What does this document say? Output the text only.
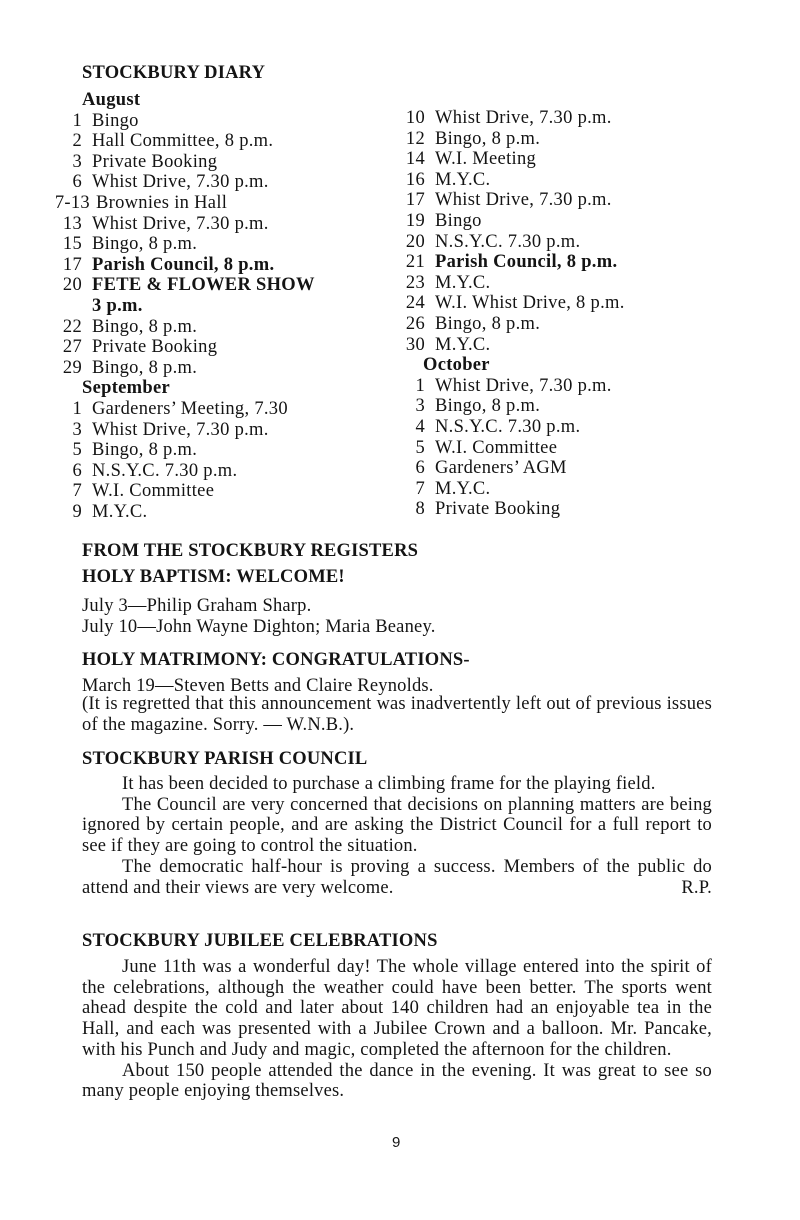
STOCKBURY DIARY
August
1 Bingo
2 Hall Committee, 8 p.m.
3 Private Booking
6 Whist Drive, 7.30 p.m.
7-13 Brownies in Hall
13 Whist Drive, 7.30 p.m.
15 Bingo, 8 p.m.
17 Parish Council, 8 p.m.
20 FETE & FLOWER SHOW
3 p.m.
22 Bingo, 8 p.m.
27 Private Booking
29 Bingo, 8 p.m.
September
1 Gardeners’ Meeting, 7.30
3 Whist Drive, 7.30 p.m.
5 Bingo, 8 p.m.
6 N.S.Y.C. 7.30 p.m.
7 W.I. Committee
9 M.Y.C.
10 Whist Drive, 7.30 p.m.
12 Bingo, 8 p.m.
14 W.I. Meeting
16 M.Y.C.
17 Whist Drive, 7.30 p.m.
19 Bingo
20 N.S.Y.C. 7.30 p.m.
21 Parish Council, 8 p.m.
23 M.Y.C.
24 W.I. Whist Drive, 8 p.m.
26 Bingo, 8 p.m.
30 M.Y.C.
October
1 Whist Drive, 7.30 p.m.
3 Bingo, 8 p.m.
4 N.S.Y.C. 7.30 p.m.
5 W.I. Committee
6 Gardeners’ AGM
7 M.Y.C.
8 Private Booking
FROM THE STOCKBURY REGISTERS
HOLY BAPTISM: WELCOME!
July 3—Philip Graham Sharp.
July 10—John Wayne Dighton; Maria Beaney.
HOLY MATRIMONY: CONGRATULATIONS-
March 19—Steven Betts and Claire Reynolds.

(It is regretted that this announcement was inadvertently left out of previous issues of the magazine. Sorry. — W.N.B.).

STOCKBURY PARISH COUNCIL

It has been decided to purchase a climbing frame for the playing field.

The Council are very concerned that decisions on planning matters are being ignored by certain people, and are asking the District Council for a full report to see if they are going to control the situation.

The democratic half-hour is proving a success. Members of the public do attend and their views are very welcome.	R.P.

STOCKBURY JUBILEE CELEBRATIONS

June 11th was a wonderful day! The whole village entered into the spirit of the celebrations, although the weather could have been better. The sports went ahead despite the cold and later about 140 children had an enjoyable tea in the Hall, and each was presented with a Jubilee Crown and a balloon. Mr. Pancake, with his Punch and Judy and magic, completed the afternoon for the children.

About 150 people attended the dance in the evening. It was great to see so many people enjoying themselves.

9
